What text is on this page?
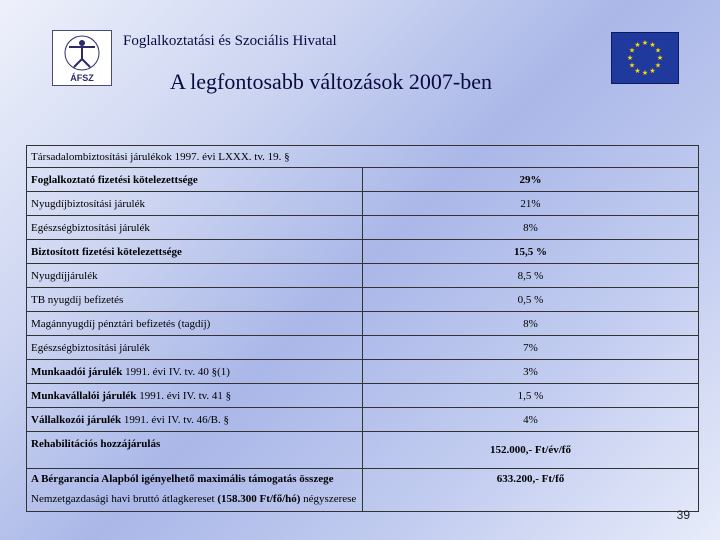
ÁFSZ
Foglalkoztatási és Szociális Hivatal
★
★
★
★
★
★
★
★
★ ★ ★
★
A legfontosabb változások 2007-ben
Társadalombiztosítási járulékok 1997. évi LXXX. tv. 19. §	
Foglalkoztató fizetési kötelezettsége	29%
Nyugdíjbiztosítási járulék	21%
Egészségbiztosítási járulék	8%
Biztosított fizetési kötelezettsége	15,5 %
Nyugdíjjárulék	8,5 %
TB nyugdíj befizetés	0,5 %
Magánnyugdíj pénztári befizetés (tagdíj)	8%
Egészségbiztosítási járulék	7%
Munkaadói járulék 1991. évi IV. tv. 40 §(1)	3%
Munkavállalói járulék 1991. évi IV. tv. 41 §	1,5 %
Vállalkozói járulék 1991. évi IV. tv. 46/B. §	4%
Rehabilitációs hozzájárulás	152.000,- Ft/év/fő
A Bérgarancia Alapból igényelhető maximális támogatás összege
Nemzetgazdasági havi bruttó átlagkereset (158.300 Ft/fő/hó) négyszerese	633.200,- Ft/fő
39
